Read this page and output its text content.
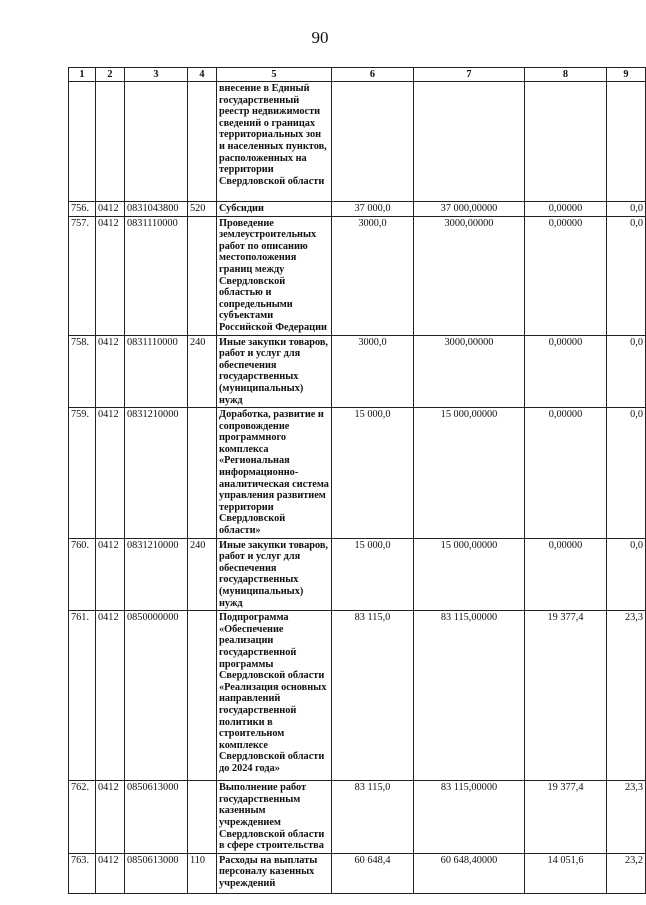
90
1	2	3	4	5	6	7	8	9
				внесение в Единый государственный реестр недвижимости сведений о границах территориальных зон и населенных пунктов, расположенных на территории Свердловской области				
756.	0412	0831043800	520	Субсидии	37 000,0	37 000,00000	0,00000	0,0
757.	0412	0831110000		Проведение землеустроительных работ по описанию местоположения границ между Свердловской областью и сопредельными субъектами Российской Федерации	3000,0	3000,00000	0,00000	0,0
758.	0412	0831110000	240	Иные закупки товаров, работ и услуг для обеспечения государственных (муниципальных) нужд	3000,0	3000,00000	0,00000	0,0
759.	0412	0831210000		Доработка, развитие и сопровождение программного комплекса «Региональная информационно-аналитическая система управления развитием территории Свердловской области»	15 000,0	15 000,00000	0,00000	0,0
760.	0412	0831210000	240	Иные закупки товаров, работ и услуг для обеспечения государственных (муниципальных) нужд	15 000,0	15 000,00000	0,00000	0,0
761.	0412	0850000000		Подпрограмма «Обеспечение реализации государственной программы Свердловской области «Реализация основных направлений государственной политики в строительном комплексе Свердловской области до 2024 года»	83 115,0	83 115,00000	19 377,4	23,3
762.	0412	0850613000		Выполнение работ государственным казенным учреждением Свердловской области в сфере строительства	83 115,0	83 115,00000	19 377,4	23,3
763.	0412	0850613000	110	Расходы на выплаты персоналу казенных учреждений	60 648,4	60 648,40000	14 051,6	23,2
